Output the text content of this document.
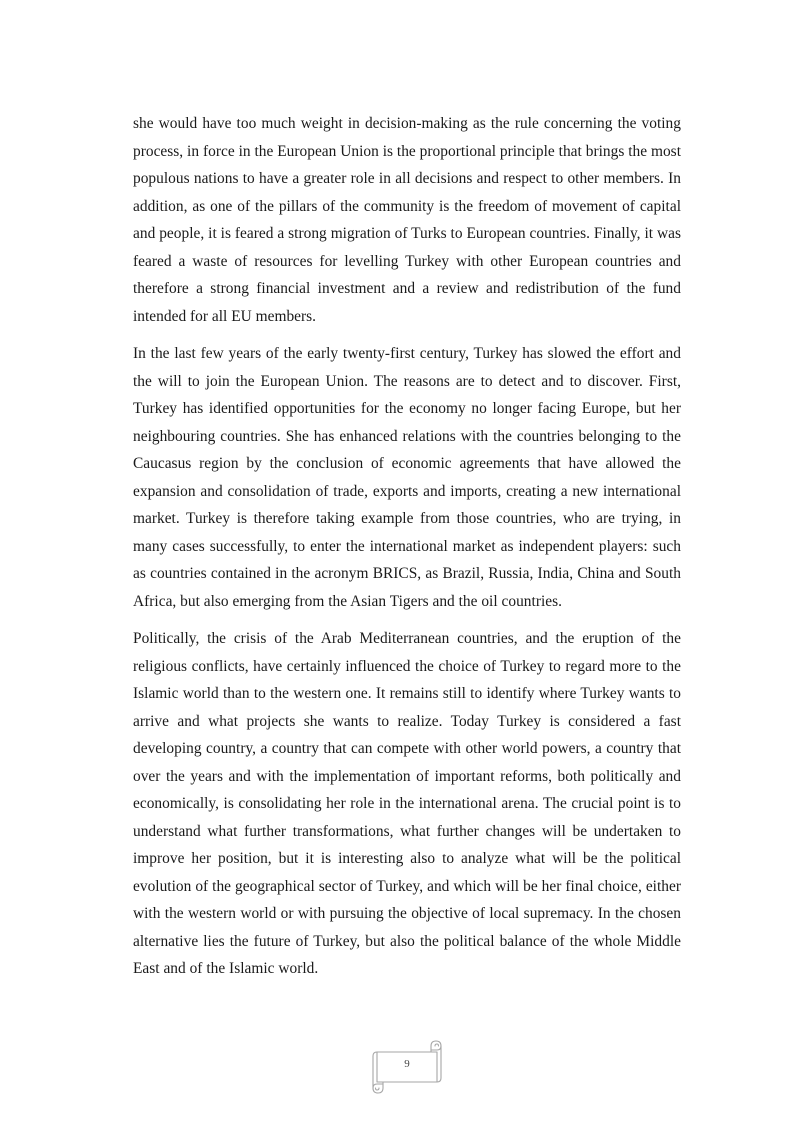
she would have too much weight in decision-making as the rule concerning the voting process, in force in the European Union is the proportional principle that brings the most populous nations to have a greater role in all decisions and respect to other members. In addition, as one of the pillars of the community is the freedom of movement of capital and people, it is feared a strong migration of Turks to European countries. Finally, it was feared a waste of resources for levelling Turkey with other European countries and therefore a strong financial investment and a review and redistribution of the fund intended for all EU members.

In the last few years of the early twenty-first century, Turkey has slowed the effort and the will to join the European Union. The reasons are to detect and to discover. First, Turkey has identified opportunities for the economy no longer facing Europe, but her neighbouring countries. She has enhanced relations with the countries belonging to the Caucasus region by the conclusion of economic agreements that have allowed the expansion and consolidation of trade, exports and imports, creating a new international market. Turkey is therefore taking example from those countries, who are trying, in many cases successfully, to enter the international market as independent players: such as countries contained in the acronym BRICS, as Brazil, Russia, India, China and South Africa, but also emerging from the Asian Tigers and the oil countries.

Politically, the crisis of the Arab Mediterranean countries, and the eruption of the religious conflicts, have certainly influenced the choice of Turkey to regard more to the Islamic world than to the western one. It remains still to identify where Turkey wants to arrive and what projects she wants to realize. Today Turkey is considered a fast developing country, a country that can compete with other world powers, a country that over the years and with the implementation of important reforms, both politically and economically, is consolidating her role in the international arena. The crucial point is to understand what further transformations, what further changes will be undertaken to improve her position, but it is interesting also to analyze what will be the political evolution of the geographical sector of Turkey, and which will be her final choice, either with the western world or with pursuing the objective of local supremacy. In the chosen alternative lies the future of Turkey, but also the political balance of the whole Middle East and of the Islamic world.

9
